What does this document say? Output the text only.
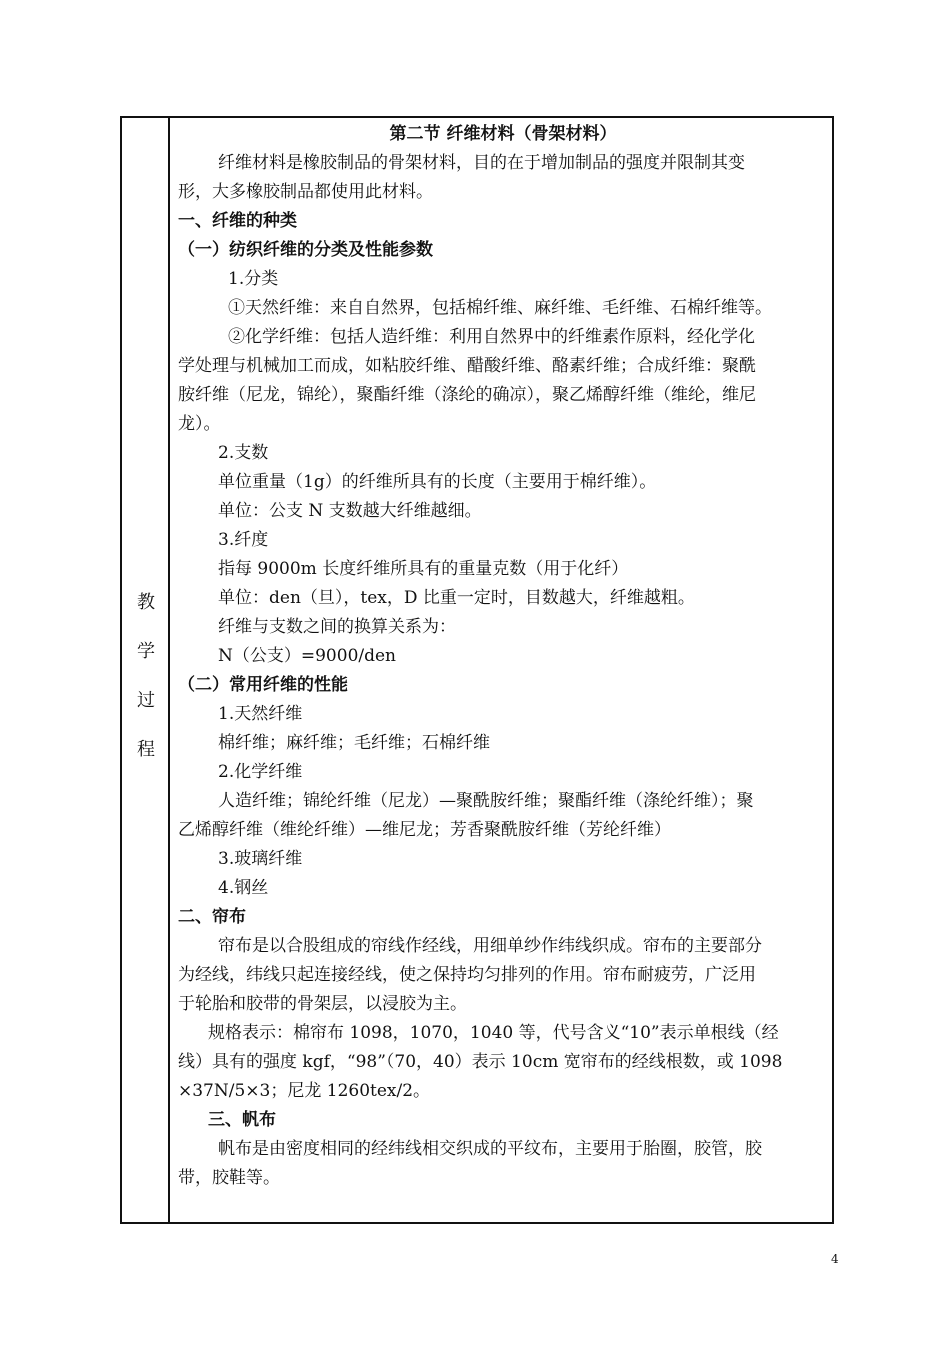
教
学
过
程
第二节 纤维材料（骨架材料）
纤维材料是橡胶制品的骨架材料，目的在于增加制品的强度并限制其变
形，大多橡胶制品都使用此材料。
一、纤维的种类
（一）纺织纤维的分类及性能参数
1.分类
①天然纤维：来自自然界，包括棉纤维、麻纤维、毛纤维、石棉纤维等。
②化学纤维：包括人造纤维：利用自然界中的纤维素作原料，经化学化
学处理与机械加工而成，如粘胶纤维、醋酸纤维、酪素纤维；合成纤维：聚酰
胺纤维（尼龙，锦纶），聚酯纤维（涤纶的确凉），聚乙烯醇纤维（维纶，维尼
龙）。
2.支数
单位重量（1g）的纤维所具有的长度（主要用于棉纤维）。
单位：公支 N 支数越大纤维越细。
3.纤度
指每 9000m 长度纤维所具有的重量克数（用于化纤）
单位：den（旦），tex，D 比重一定时，目数越大，纤维越粗。
纤维与支数之间的换算关系为：
N（公支）=9000/den
（二）常用纤维的性能
1.天然纤维
棉纤维；麻纤维；毛纤维；石棉纤维
2.化学纤维
人造纤维；锦纶纤维（尼龙）—聚酰胺纤维；聚酯纤维（涤纶纤维）；聚
乙烯醇纤维（维纶纤维）—维尼龙；芳香聚酰胺纤维（芳纶纤维）
3.玻璃纤维
4.钢丝
二、帘布
帘布是以合股组成的帘线作经线，用细单纱作纬线织成。帘布的主要部分
为经线，纬线只起连接经线，使之保持均匀排列的作用。帘布耐疲劳，广泛用
于轮胎和胶带的骨架层，以浸胶为主。
规格表示：棉帘布 1098，1070，1040 等，代号含义“10”表示单根线（经
线）具有的强度 kgf，“98”（70，40）表示 10cm 宽帘布的经线根数，或 1098
×37N/5×3；尼龙 1260tex/2。
三、帆布
帆布是由密度相同的经纬线相交织成的平纹布，主要用于胎圈，胶管，胶
带，胶鞋等。
4
